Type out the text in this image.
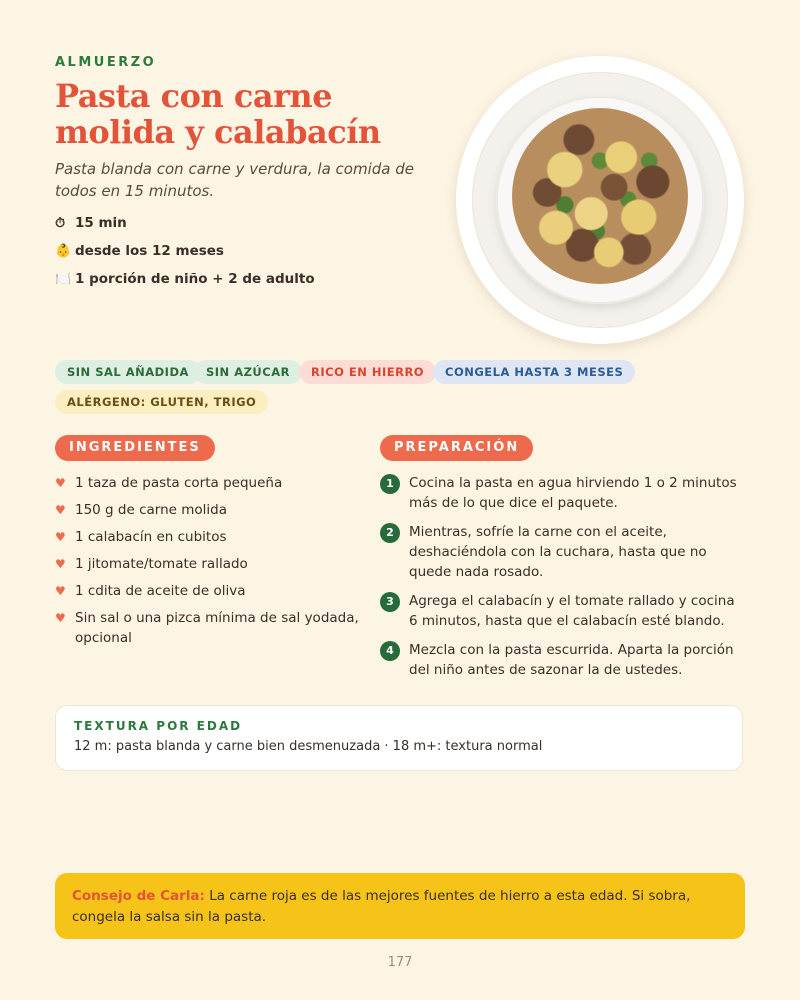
ALMUERZO
Pasta con carne molida y calabacín

Pasta blanda con carne y verdura, la comida de todos en 15 minutos.

⏱ 15 min
👶 desde los 12 meses
🍽️ 1 porción de niño + 2 de adulto
SIN SAL AÑADIDA	SIN AZÚCAR	RICO EN HIERRO	CONGELA HASTA 3 MESES
ALÉRGENO: GLUTEN, TRIGO
INGREDIENTES
♥ 1 taza de pasta corta pequeña
♥ 150 g de carne molida
♥ 1 calabacín en cubitos
♥ 1 jitomate/tomate rallado
♥ 1 cdita de aceite de oliva
♥ Sin sal o una pizca mínima de sal yodada, opcional
PREPARACIÓN
1	Cocina la pasta en agua hirviendo 1 o 2 minutos más de lo que dice el paquete.
2	Mientras, sofríe la carne con el aceite, deshaciéndola con la cuchara, hasta que no quede nada rosado.
3	Agrega el calabacín y el tomate rallado y cocina 6 minutos, hasta que el calabacín esté blando.
4	Mezcla con la pasta escurrida. Aparta la porción del niño antes de sazonar la de ustedes.
TEXTURA POR EDAD
12 m: pasta blanda y carne bien desmenuzada · 18 m+: textura normal
Consejo de Carla: La carne roja es de las mejores fuentes de hierro a esta edad. Si sobra, congela la salsa sin la pasta.
177
